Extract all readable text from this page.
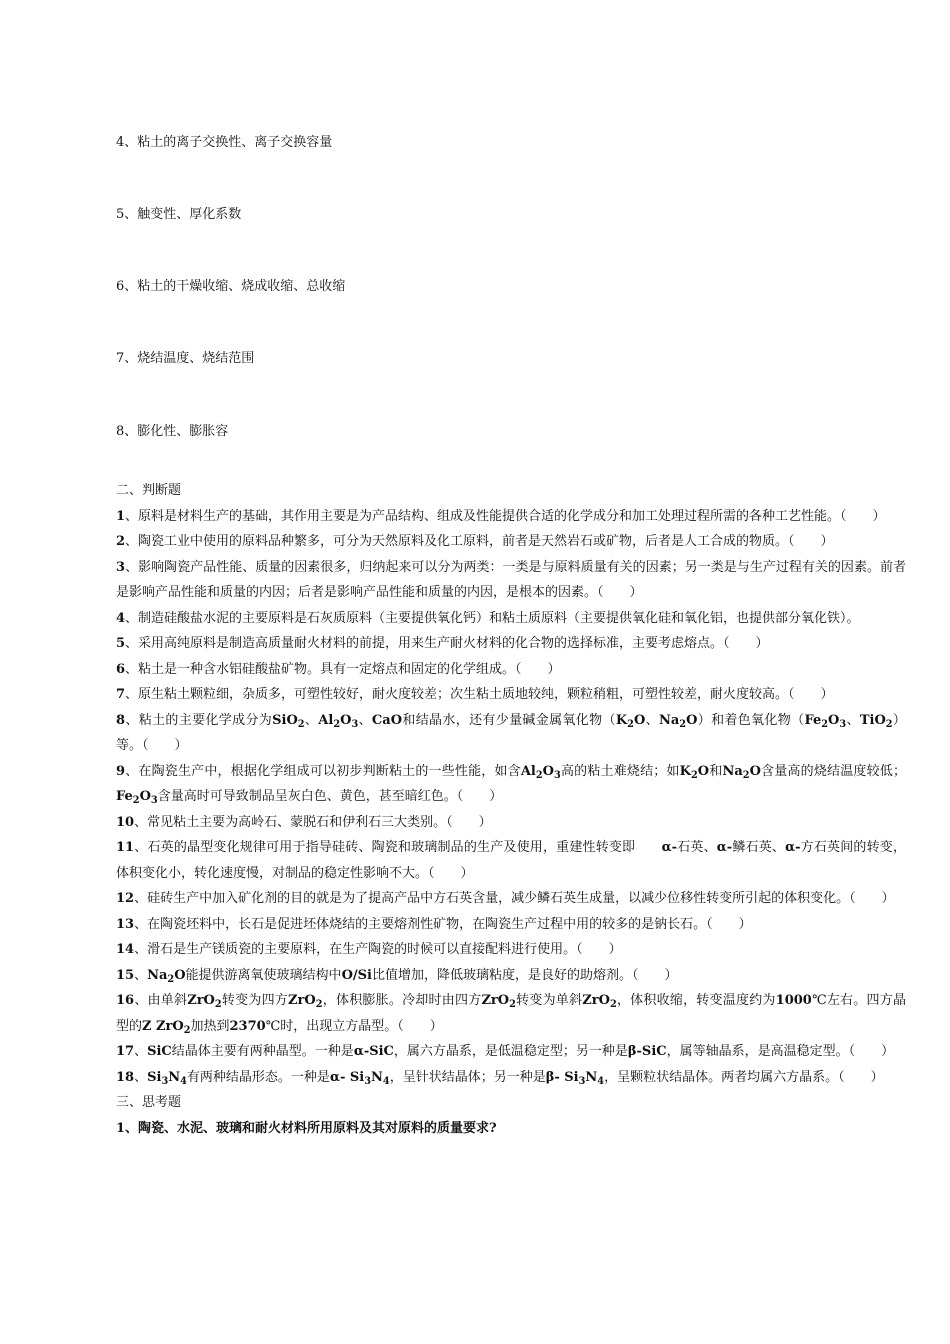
4、粘土的离子交换性、离子交换容量
5、触变性、厚化系数
6、粘土的干燥收缩、烧成收缩、总收缩
7、烧结温度、烧结范围
8、膨化性、膨胀容

二、判断题

1、原料是材料生产的基础，其作用主要是为产品结构、组成及性能提供合适的化学成分和加工处理过程所需的各种工艺性能。（　　）

2、陶瓷工业中使用的原料品种繁多，可分为天然原料及化工原料，前者是天然岩石或矿物，后者是人工合成的物质。（　　）

3、影响陶瓷产品性能、质量的因素很多，归纳起来可以分为两类：一类是与原料质量有关的因素；另一类是与生产过程有关的因素。前者是影响产品性能和质量的内因；后者是影响产品性能和质量的内因，是根本的因素。（　　）

4、制造硅酸盐水泥的主要原料是石灰质原料（主要提供氧化钙）和粘土质原料（主要提供氧化硅和氧化铝，也提供部分氧化铁）。

5、采用高纯原料是制造高质量耐火材料的前提，用来生产耐火材料的化合物的选择标准，主要考虑熔点。（　　）

6、粘土是一种含水铝硅酸盐矿物。具有一定熔点和固定的化学组成。（　　）

7、原生粘土颗粒细，杂质多，可塑性较好，耐火度较差；次生粘土质地较纯，颗粒稍粗，可塑性较差，耐火度较高。（　　）

8、粘土的主要化学成分为SiO$_2$、$Al_2O_3$、CaO和结晶水，还有少量碱金属氧化物（$K_2O$、$Na_2O$）和着色氧化物（$Fe_2O_3$、TiO$_2$）等。（　　）

9、在陶瓷生产中，根据化学组成可以初步判断粘土的一些性能，如含$Al_2O_3$高的粘土难烧结；如$K_2O$和$Na_2O$含量高的烧结温度较低；$Fe_2O_3$含量高时可导致制品呈灰白色、黄色，甚至暗红色。（　　）

10、常见粘土主要为高岭石、蒙脱石和伊利石三大类别。（　　）

11、石英的晶型变化规律可用于指导硅砖、陶瓷和玻璃制品的生产及使用，重建性转变即　　α-石英、α-鳞石英、α-方石英间的转变，体积变化小，转化速度慢，对制品的稳定性影响不大。（　　）

12、硅砖生产中加入矿化剂的目的就是为了提高产品中方石英含量，减少鳞石英生成量，以减少位移性转变所引起的体积变化。（　　）

13、在陶瓷坯料中，长石是促进坯体烧结的主要熔剂性矿物，在陶瓷生产过程中用的较多的是钠长石。（　　）

14、滑石是生产镁质瓷的主要原料，在生产陶瓷的时候可以直接配料进行使用。（　　）

15、$Na_2O$能提供游离氧使玻璃结构中O/Si比值增加，降低玻璃粘度，是良好的助熔剂。（　　）

16、由单斜ZrO$_2$转变为四方ZrO$_2$，体积膨胀。冷却时由四方ZrO$_2$转变为单斜ZrO$_2$，体积收缩，转变温度约为1000℃左右。四方晶型的Z ZrO$_2$加热到2370℃时，出现立方晶型。（　　）

17、SiC结晶体主要有两种晶型。一种是α-SiC，属六方晶系，是低温稳定型；另一种是β-SiC，属等轴晶系，是高温稳定型。（　　）

18、$Si_3N_4$有两种结晶形态。一种是α- $Si_3N_4$，呈针状结晶体；另一种是β- $Si_3N_4$，呈颗粒状结晶体。两者均属六方晶系。（　　）

三、思考题

1、陶瓷、水泥、玻璃和耐火材料所用原料及其对原料的质量要求?
